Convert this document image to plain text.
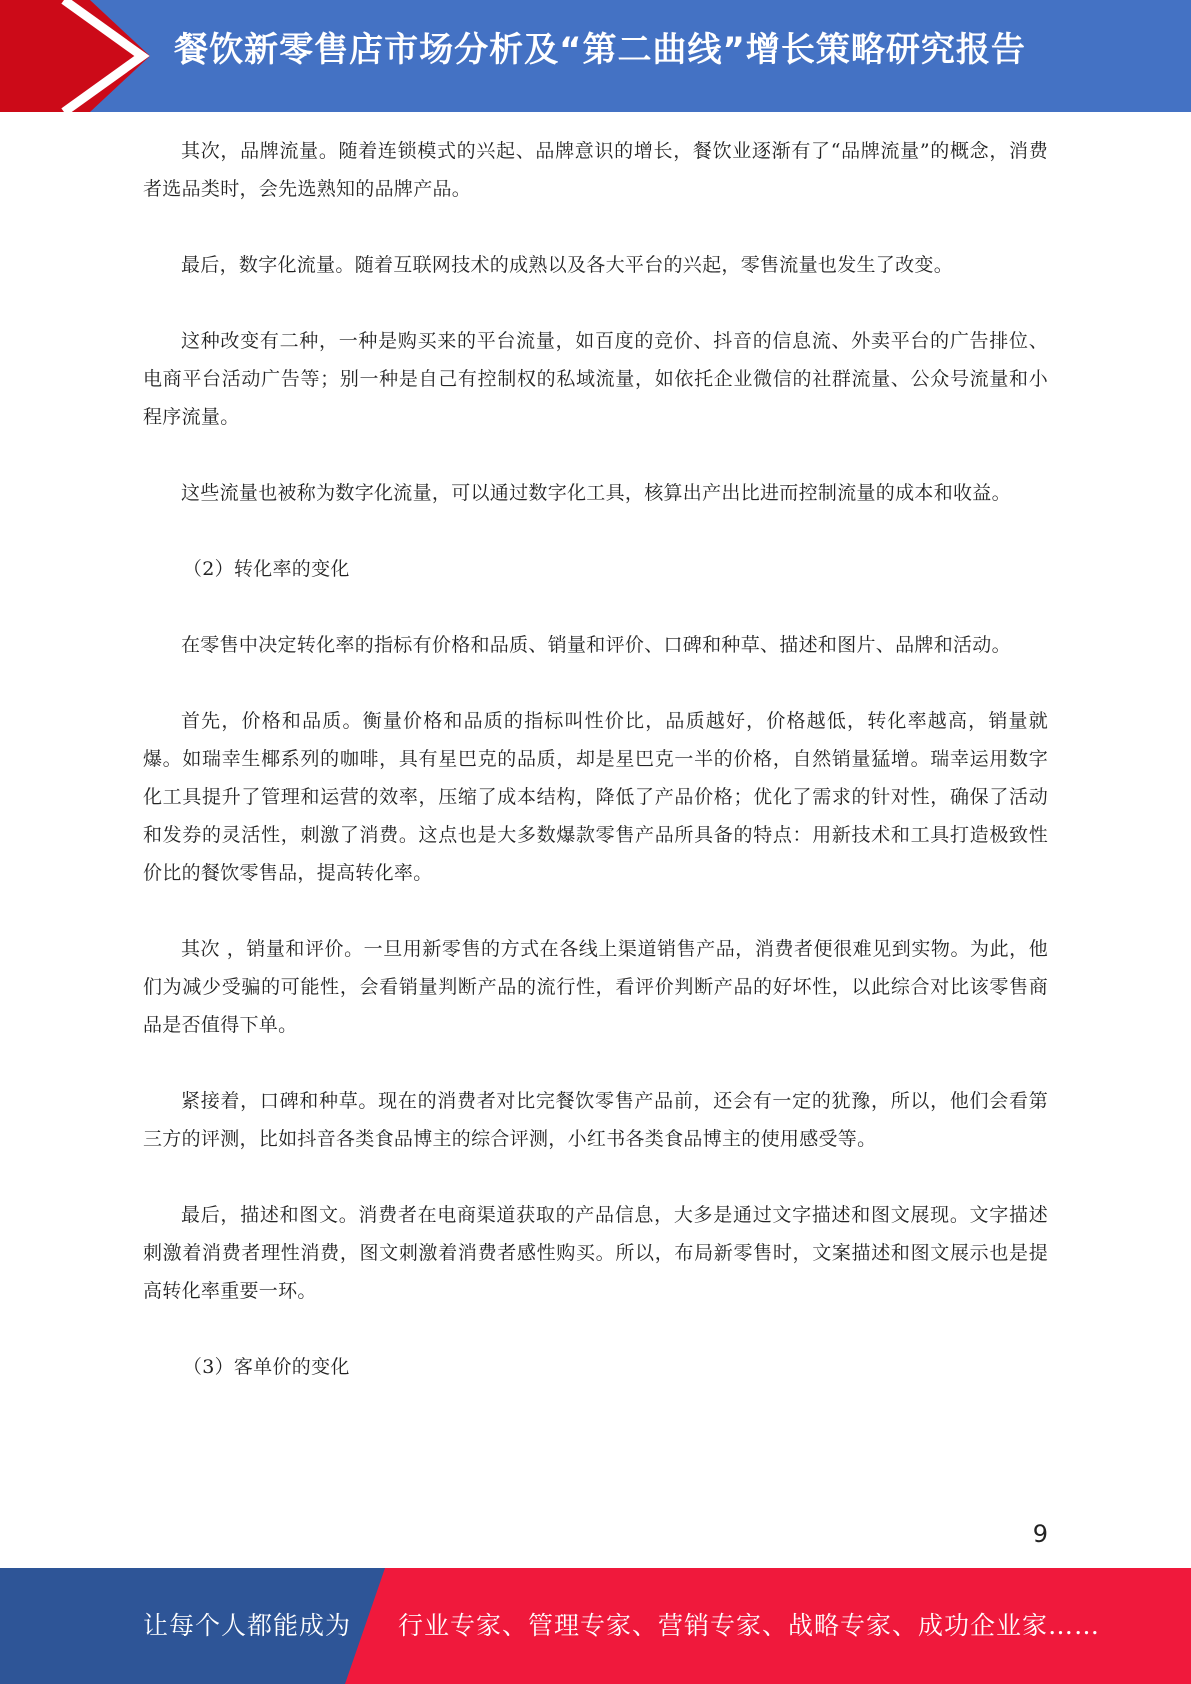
餐饮新零售店市场分析及“第二曲线”增长策略研究报告

其次，品牌流量。随着连锁模式的兴起、品牌意识的增长，餐饮业逐渐有了“品牌流量”的概念，消费者选品类时，会先选熟知的品牌产品。

最后，数字化流量。随着互联网技术的成熟以及各大平台的兴起，零售流量也发生了改变。

这种改变有二种，一种是购买来的平台流量，如百度的竞价、抖音的信息流、外卖平台的广告排位、电商平台活动广告等；别一种是自己有控制权的私域流量，如依托企业微信的社群流量、公众号流量和小程序流量。

这些流量也被称为数字化流量，可以通过数字化工具，核算出产出比进而控制流量的成本和收益。

（2）转化率的变化

在零售中决定转化率的指标有价格和品质、销量和评价、口碑和种草、描述和图片、品牌和活动。

首先，价格和品质。衡量价格和品质的指标叫性价比，品质越好，价格越低，转化率越高，销量就爆。如瑞幸生椰系列的咖啡，具有星巴克的品质，却是星巴克一半的价格，自然销量猛增。瑞幸运用数字化工具提升了管理和运营的效率，压缩了成本结构，降低了产品价格；优化了需求的针对性，确保了活动和发券的灵活性，刺激了消费。这点也是大多数爆款零售产品所具备的特点：用新技术和工具打造极致性价比的餐饮零售品，提高转化率。

其次 ，销量和评价。一旦用新零售的方式在各线上渠道销售产品，消费者便很难见到实物。为此，他们为减少受骗的可能性，会看销量判断产品的流行性，看评价判断产品的好坏性，以此综合对比该零售商品是否值得下单。

紧接着，口碑和种草。现在的消费者对比完餐饮零售产品前，还会有一定的犹豫，所以，他们会看第三方的评测，比如抖音各类食品博主的综合评测，小红书各类食品博主的使用感受等。

最后，描述和图文。消费者在电商渠道获取的产品信息，大多是通过文字描述和图文展现。文字描述刺激着消费者理性消费，图文刺激着消费者感性购买。所以，布局新零售时，文案描述和图文展示也是提高转化率重要一环。

（3）客单价的变化

9
让每个人都能成为 行业专家、管理专家、营销专家、战略专家、成功企业家……
